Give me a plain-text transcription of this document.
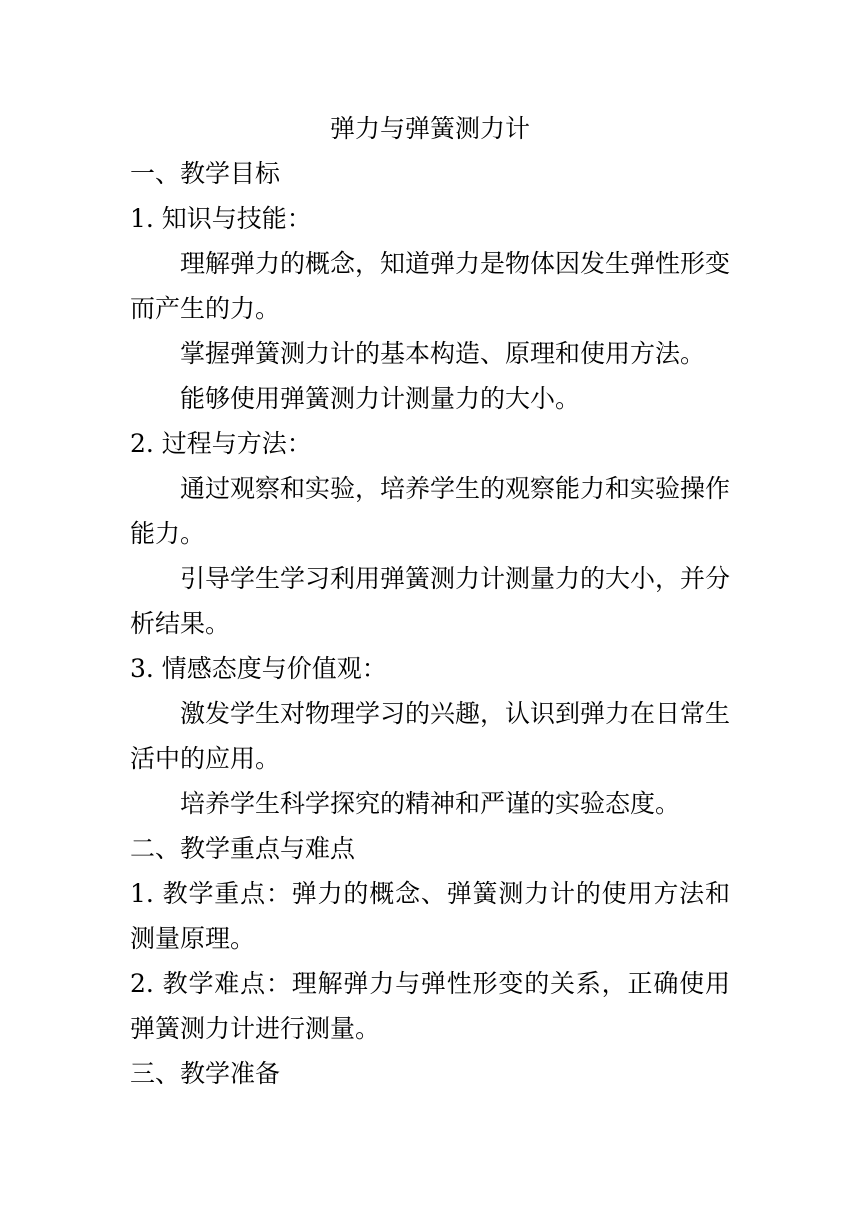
弹力与弹簧测力计
一、教学目标
1. 知识与技能：

理解弹力的概念，知道弹力是物体因发生弹性形变而产生的力。

掌握弹簧测力计的基本构造、原理和使用方法。

能够使用弹簧测力计测量力的大小。

2. 过程与方法：

通过观察和实验，培养学生的观察能力和实验操作能力。

引导学生学习利用弹簧测力计测量力的大小，并分析结果。

3. 情感态度与价值观：

激发学生对物理学习的兴趣，认识到弹力在日常生活中的应用。

培养学生科学探究的精神和严谨的实验态度。

二、教学重点与难点

1. 教学重点：弹力的概念、弹簧测力计的使用方法和测量原理。

2. 教学难点：理解弹力与弹性形变的关系，正确使用弹簧测力计进行测量。

三、教学准备
